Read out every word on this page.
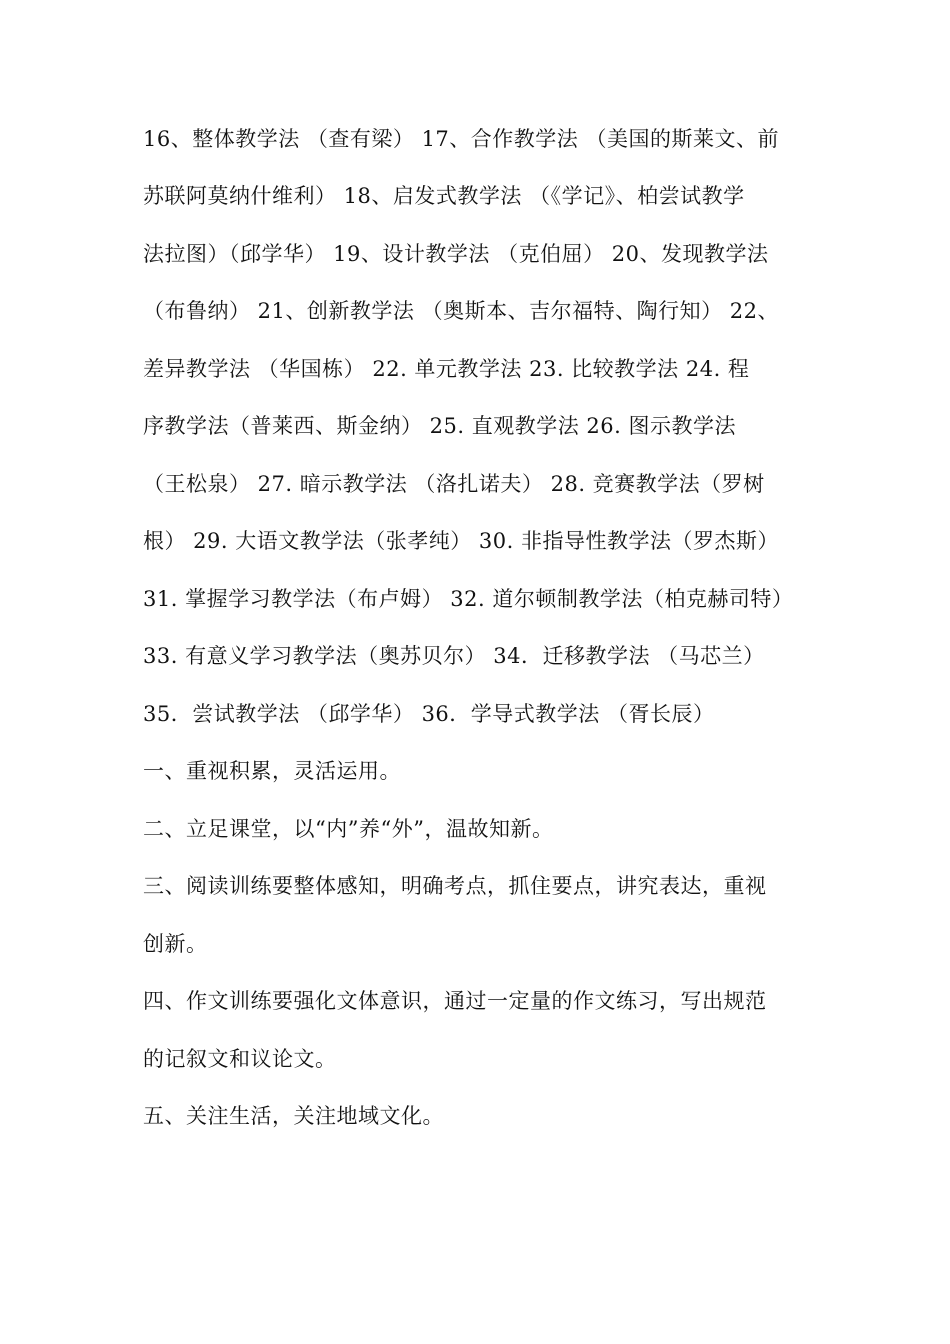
16、整体教学法 （查有梁） 17、合作教学法 （美国的斯莱文、前
苏联阿莫纳什维利） 18、启发式教学法 （《学记》、柏尝试教学
法拉图）（邱学华） 19、设计教学法 （克伯屈） 20、发现教学法
（布鲁纳） 21、创新教学法 （奥斯本、吉尔福特、陶行知） 22、
差异教学法 （华国栋） 22. 单元教学法 23. 比较教学法 24. 程
序教学法（普莱西、斯金纳） 25. 直观教学法 26. 图示教学法
（王松泉） 27. 暗示教学法 （洛扎诺夫） 28. 竞赛教学法（罗树
根） 29. 大语文教学法（张孝纯） 30. 非指导性教学法（罗杰斯）
31. 掌握学习教学法（布卢姆） 32. 道尔顿制教学法（柏克赫司特）
33. 有意义学习教学法（奥苏贝尔） 34．迁移教学法 （马芯兰）
35．尝试教学法 （邱学华） 36．学导式教学法 （胥长辰）
一、重视积累，灵活运用。
二、立足课堂，以“内”养“外”，温故知新。
三、阅读训练要整体感知，明确考点，抓住要点，讲究表达，重视
创新。
四、作文训练要强化文体意识，通过一定量的作文练习，写出规范
的记叙文和议论文。
五、关注生活，关注地域文化。
